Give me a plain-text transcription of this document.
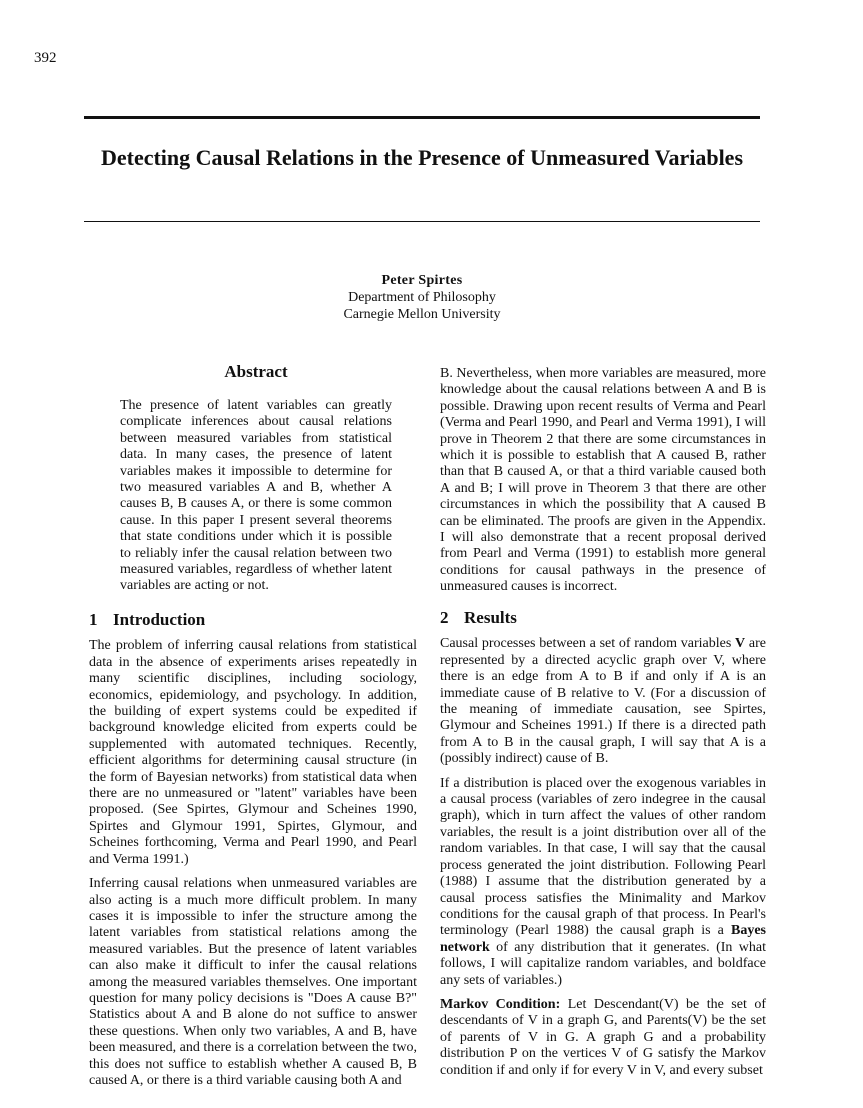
392
Detecting Causal Relations in the Presence of Unmeasured Variables
Peter Spirtes
Department of Philosophy
Carnegie Mellon University
Abstract
The presence of latent variables can greatly complicate inferences about causal relations between measured variables from statistical data. In many cases, the presence of latent variables makes it impossible to determine for two measured variables A and B, whether A causes B, B causes A, or there is some common cause. In this paper I present several theorems that state conditions under which it is possible to reliably infer the causal relation between two measured variables, regardless of whether latent variables are acting or not.
B. Nevertheless, when more variables are measured, more knowledge about the causal relations between A and B is possible. Drawing upon recent results of Verma and Pearl (Verma and Pearl 1990, and Pearl and Verma 1991), I will prove in Theorem 2 that there are some circumstances in which it is possible to establish that A caused B, rather than that B caused A, or that a third variable caused both A and B; I will prove in Theorem 3 that there are other circumstances in which the possibility that A caused B can be eliminated. The proofs are given in the Appendix. I will also demonstrate that a recent proposal derived from Pearl and Verma (1991) to establish more general conditions for causal pathways in the presence of unmeasured causes is incorrect.
1 Introduction

The problem of inferring causal relations from statistical data in the absence of experiments arises repeatedly in many scientific disciplines, including sociology, economics, epidemiology, and psychology. In addition, the building of expert systems could be expedited if background knowledge elicited from experts could be supplemented with automated techniques. Recently, efficient algorithms for determining causal structure (in the form of Bayesian networks) from statistical data when there are no unmeasured or "latent" variables have been proposed. (See Spirtes, Glymour and Scheines 1990, Spirtes and Glymour 1991, Spirtes, Glymour, and Scheines forthcoming, Verma and Pearl 1990, and Pearl and Verma 1991.)

Inferring causal relations when unmeasured variables are also acting is a much more difficult problem. In many cases it is impossible to infer the structure among the latent variables from statistical relations among the measured variables. But the presence of latent variables can also make it difficult to infer the causal relations among the measured variables themselves. One important question for many policy decisions is "Does A cause B?" Statistics about A and B alone do not suffice to answer these questions. When only two variables, A and B, have been measured, and there is a correlation between the two, this does not suffice to establish whether A caused B, B caused A, or there is a third variable causing both A and

2 Results

Causal processes between a set of random variables V are represented by a directed acyclic graph over V, where there is an edge from A to B if and only if A is an immediate cause of B relative to V. (For a discussion of the meaning of immediate causation, see Spirtes, Glymour and Scheines 1991.) If there is a directed path from A to B in the causal graph, I will say that A is a (possibly indirect) cause of B.

If a distribution is placed over the exogenous variables in a causal process (variables of zero indegree in the causal graph), which in turn affect the values of other random variables, the result is a joint distribution over all of the random variables. In that case, I will say that the causal process generated the joint distribution. Following Pearl (1988) I assume that the distribution generated by a causal process satisfies the Minimality and Markov conditions for the causal graph of that process. In Pearl's terminology (Pearl 1988) the causal graph is a Bayes network of any distribution that it generates. (In what follows, I will capitalize random variables, and boldface any sets of variables.)

Markov Condition: Let Descendant(V) be the set of descendants of V in a graph G, and Parents(V) be the set of parents of V in G. A graph G and a probability distribution P on the vertices V of G satisfy the Markov condition if and only if for every V in V, and every subset
